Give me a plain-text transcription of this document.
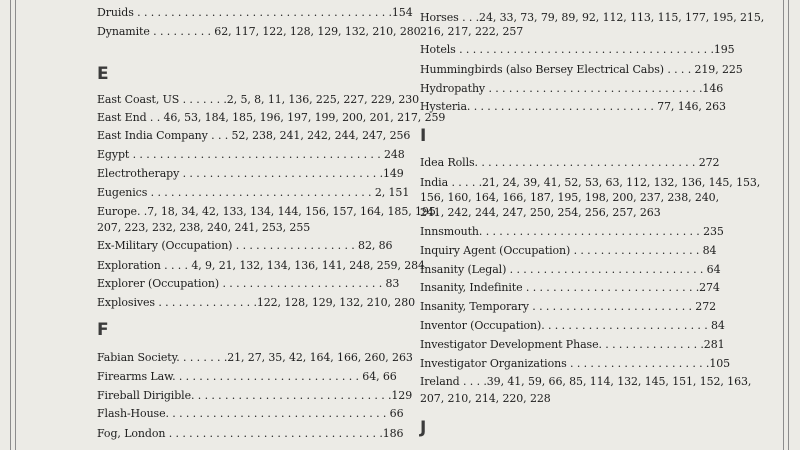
Druids . . . . . . . . . . . . . . . . . . . . . . . . . . . . . . . . . . . . . .154
Dynamite . . . . . . . . . 62, 117, 122, 128, 129, 132, 210, 280
E
East Coast, US . . . . . . .2, 5, 8, 11, 136, 225, 227, 229, 230
East End . . 46, 53, 184, 185, 196, 197, 199, 200, 201, 217, 259
East India Company . . . 52, 238, 241, 242, 244, 247, 256
Egypt . . . . . . . . . . . . . . . . . . . . . . . . . . . . . . . . . . . . . 248
Electrotherapy . . . . . . . . . . . . . . . . . . . . . . . . . . . . . .149
Eugenics . . . . . . . . . . . . . . . . . . . . . . . . . . . . . . . . . 2, 151
Europe. .7, 18, 34, 42, 133, 134, 144, 156, 157, 164, 185, 195,
207, 223, 232, 238, 240, 241, 253, 255
Ex-Military (Occupation) . . . . . . . . . . . . . . . . . . 82, 86
Exploration . . . . 4, 9, 21, 132, 134, 136, 141, 248, 259, 284
Explorer (Occupation) . . . . . . . . . . . . . . . . . . . . . . . . 83
Explosives . . . . . . . . . . . . . . .122, 128, 129, 132, 210, 280
F
Fabian Society. . . . . . . .21, 27, 35, 42, 164, 166, 260, 263
Firearms Law. . . . . . . . . . . . . . . . . . . . . . . . . . . . 64, 66
Fireball Dirigible. . . . . . . . . . . . . . . . . . . . . . . . . . . . . .129
Flash-House. . . . . . . . . . . . . . . . . . . . . . . . . . . . . . . . . 66
Fog, London . . . . . . . . . . . . . . . . . . . . . . . . . . . . . . . .186
Horses . . .24, 33, 73, 79, 89, 92, 112, 113, 115, 177, 195, 215,
216, 217, 222, 257
Hotels . . . . . . . . . . . . . . . . . . . . . . . . . . . . . . . . . . . . . .195
Hummingbirds (also Bersey Electrical Cabs) . . . . 219, 225
Hydropathy . . . . . . . . . . . . . . . . . . . . . . . . . . . . . . . .146
Hysteria. . . . . . . . . . . . . . . . . . . . . . . . . . . . 77, 146, 263
I
Idea Rolls. . . . . . . . . . . . . . . . . . . . . . . . . . . . . . . . . 272
India . . . . .21, 24, 39, 41, 52, 53, 63, 112, 132, 136, 145, 153,
156, 160, 164, 166, 187, 195, 198, 200, 237, 238, 240,
241, 242, 244, 247, 250, 254, 256, 257, 263
Innsmouth. . . . . . . . . . . . . . . . . . . . . . . . . . . . . . . . . 235
Inquiry Agent (Occupation) . . . . . . . . . . . . . . . . . . . 84
Insanity (Legal) . . . . . . . . . . . . . . . . . . . . . . . . . . . . . 64
Insanity, Indefinite . . . . . . . . . . . . . . . . . . . . . . . . . .274
Insanity, Temporary . . . . . . . . . . . . . . . . . . . . . . . . 272
Inventor (Occupation). . . . . . . . . . . . . . . . . . . . . . . . . 84
Investigator Development Phase. . . . . . . . . . . . . . . .281
Investigator Organizations . . . . . . . . . . . . . . . . . . . . .105
Ireland . . . .39, 41, 59, 66, 85, 114, 132, 145, 151, 152, 163,
207, 210, 214, 220, 228
J
